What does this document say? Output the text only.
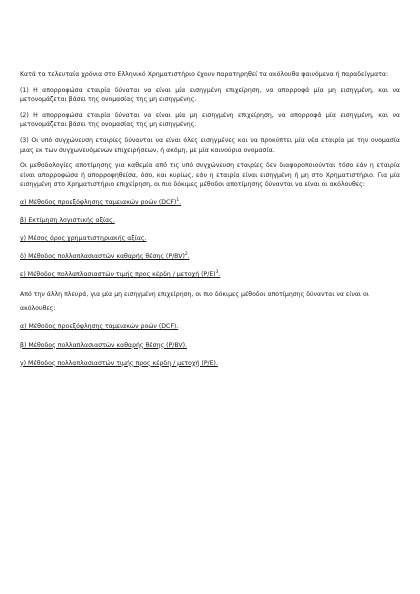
Κατά τα τελευταία χρόνια στο Ελληνικό Χρηματιστήριο έχουν παρατηρηθεί τα ακόλουθα φαινόμενα ή παραδείγματα:

(1) Η απορροφώσα εταιρία δύναται να είναι μία εισηγμένη επιχείρηση, να απορροφά μία μη εισηγμένη, και να μετονομάζεται βάσει της ονομασίας της μη εισηγμένης.

(2) Η απορροφώσα εταιρία δύναται να είναι μία μη εισηγμένη επιχείρηση, να απορροφά μία εισηγμένη, και να μετονομάζεται βάσει της ονομασίας της μη εισηγμένης.

(3) Οι υπό συγχώνευση εταιρίες δύνανται να είναι όλες εισηγμένες και να προκύπτει μία νέα εταιρία με την ονομασία μιας εκ των συγχωνευόμενων επιχειρήσεων, ή ακόμη, με μία καινούρια ονομασία.

Οι μεθοδολογίες αποτίμησης για καθεμία από τις υπό συγχώνευση εταιρίες δεν διαφοροποιούνται τόσο εάν η εταιρία είναι απορροφώσα ή απορροφηθείσα, όσο, και κυρίως, εάν η εταιρία είναι εισηγμένη ή μη στο Χρηματιστήριο. Για μία εισηγμένη στο Χρηματιστήριο επιχείρηση, οι πιο δόκιμες μέθοδοι αποτίμησης δύνανται να είναι οι ακόλουθες:

α) Μέθοδος προεξόφλησης ταμειακών ροών (DCF)$^1$.
β) Εκτίμηση λογιστικής αξίας.
γ) Μέσος όρος χρηματιστηριακής αξίας.
δ) Μέθοδος πολλαπλασιαστών καθαρής θέσης $(P/BV)^2$.
ε) Μέθοδος πολλαπλασιαστών τιμής προς κέρδη / μετοχή $(P/E)^3$.

Από την άλλη πλευρά, για μία μη εισηγμένη επιχείρηση, οι πιο δόκιμες μέθοδοι αποτίμησης δύνανται να είναι οι ακόλουθες:

α) Μέθοδος προεξόφλησης ταμειακών ροών (DCF).
β) Μέθοδος πολλαπλασιαστών καθαρής θέσης (P/BV).
γ) Μέθοδος πολλαπλασιαστών τιμής προς κέρδη / μετοχή (P/E).
